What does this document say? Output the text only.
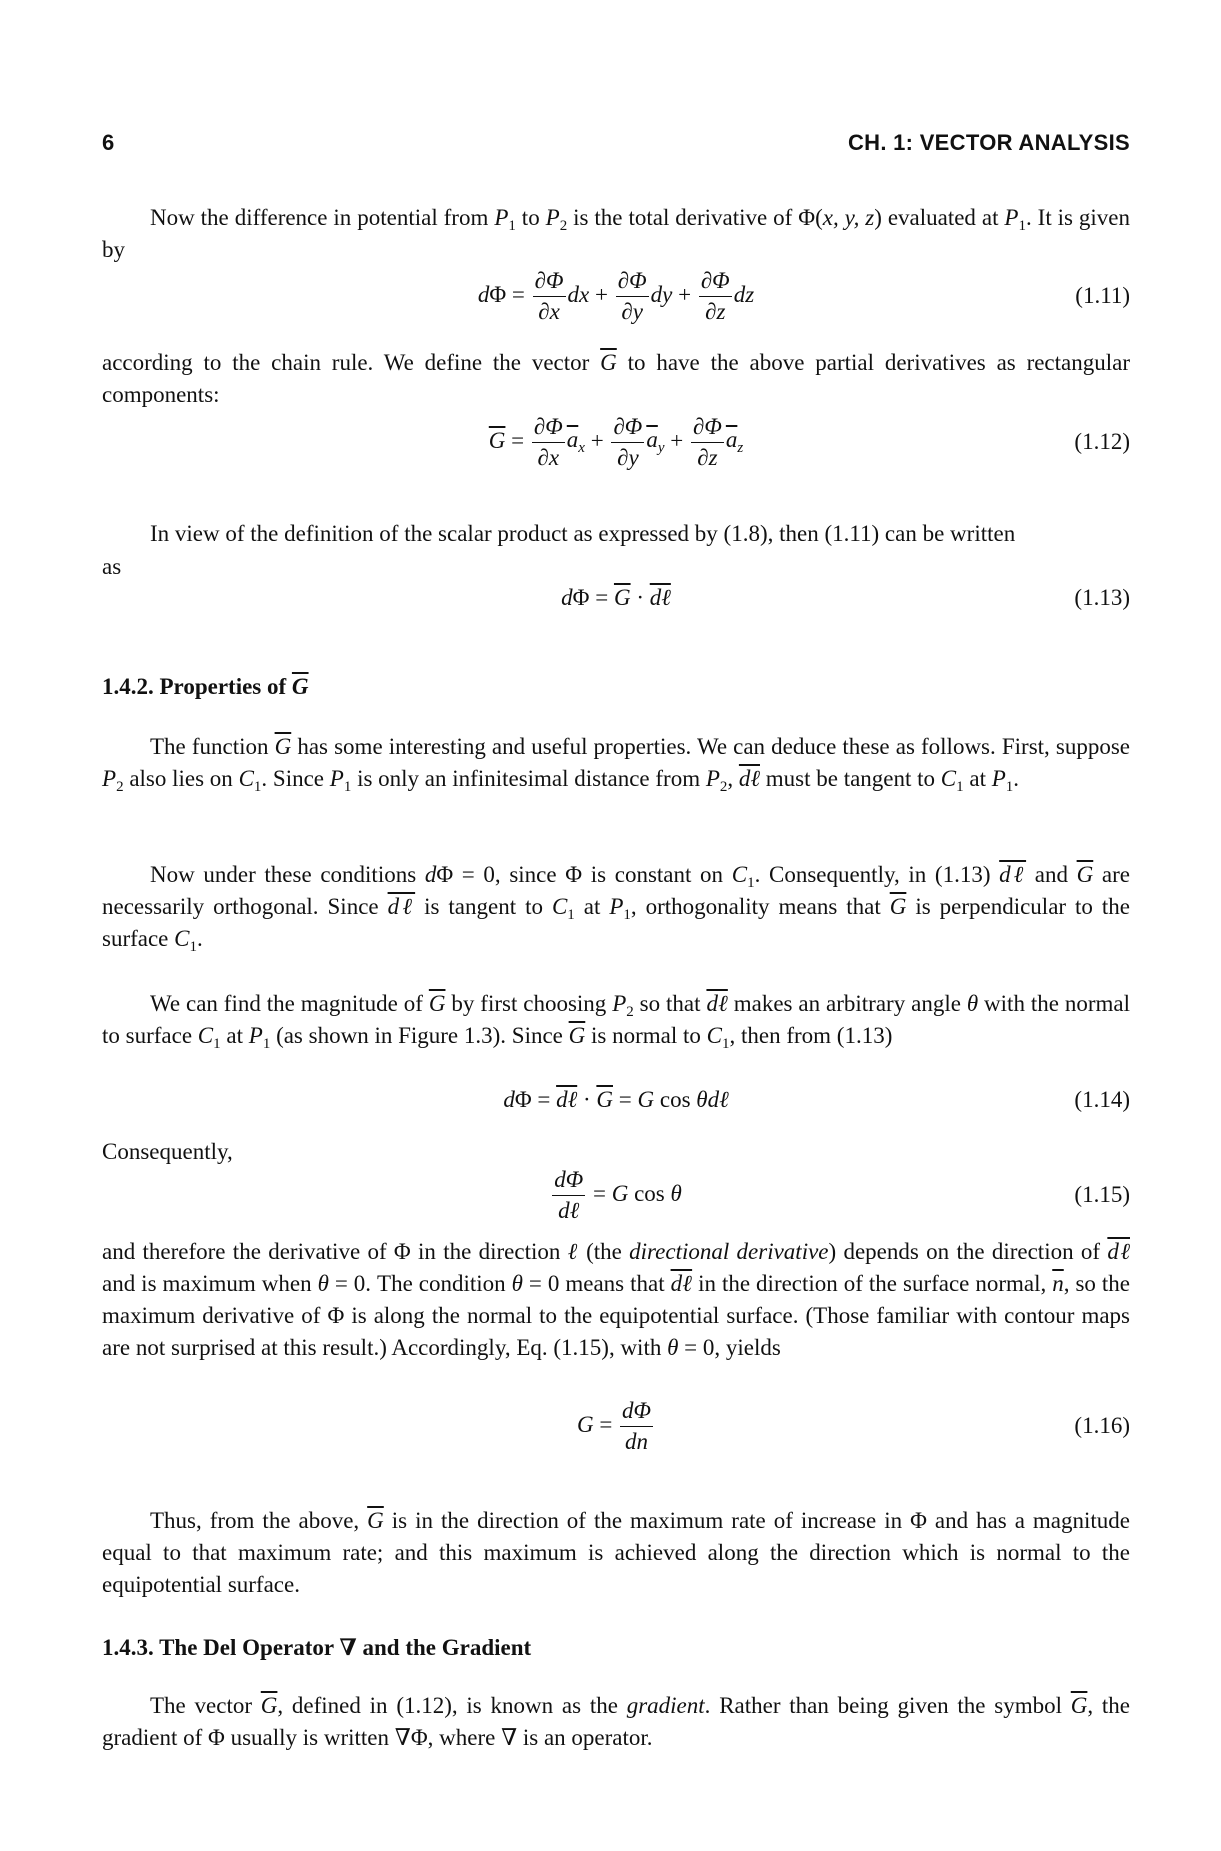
6	CH. 1: VECTOR ANALYSIS
Now the difference in potential from $P_1$ to $P_2$ is the total derivative of Φ(x, y, z) evaluated at $P_1$. It is given by
$d\Phi = \frac{\partial\Phi}{\partial x}$ dx + $\frac{\partial\Phi}{\partial y}$ dy + $\frac{\partial\Phi}{\partial z}$ dz	(1.11)
according to the chain rule. We define the vector $\overline{G}$ to have the above partial derivatives as rectangular components:
$\overline{G} = \frac{\partial\Phi}{\partial x} \overline{a}_x + \frac{\partial\Phi}{\partial y} \overline{a}_y + \frac{\partial\Phi}{\partial z} \overline{a}_z$	(1.12)
In view of the definition of the scalar product as expressed by (1.8), then (1.11) can be written
as
$d\Phi = \overline{G}$ · dℓ	(1.13)
1.4.2. Properties of $\overline{G}$
The function $\overline{G}$ has some interesting and useful properties. We can deduce these as follows. First, suppose $P_2$ also lies on $C_1$. Since $P_1$ is only an infinitesimal distance from $P_2$, dℓ must be tangent to $C_1$ at $P_1$.
Now under these conditions dΦ = 0, since Φ is constant on $C_1$. Consequently, in (1.13) dℓ and $\overline{G}$ are necessarily orthogonal. Since dℓ is tangent to $C_1$ at $P_1$, orthogonality means that $\overline{G}$ is perpendicular to the surface $C_1$.
We can find the magnitude of $\overline{G}$ by first choosing $P_2$ so that dℓ makes an arbitrary angle θ with the normal to surface $C_1$ at $P_1$ (as shown in Figure 1.3). Since $\overline{G}$ is normal to $C_1$, then from (1.13)
dΦ = dℓ · $\overline{G} = G$ cos θdℓ	(1.14)
Consequently,
dΦ
dℓ
= G cos θ	(1.15)
and therefore the derivative of Φ in the direction ℓ (the directional derivative) depends on the direction of dℓ and is maximum when θ = 0. The condition θ = 0 means that dℓ in the direction of the surface normal, $\overline{n}$, so the maximum derivative of Φ is along the normal to the equipotential surface. (Those familiar with contour maps are not surprised at this result.) Accordingly, Eq. (1.15), with θ = 0, yields
$G = \frac{d\Phi}{dn}$	(1.16)
Thus, from the above, $\overline{G}$ is in the direction of the maximum rate of increase in Φ and has a magnitude equal to that maximum rate; and this maximum is achieved along the direction which is normal to the equipotential surface.
1.4.3. The Del Operator ∇ and the Gradient
The vector $\overline{G}$, defined in (1.12), is known as the gradient. Rather than being given the symbol $\overline{G}$, the gradient of Φ usually is written ∇Φ, where ∇ is an operator.
